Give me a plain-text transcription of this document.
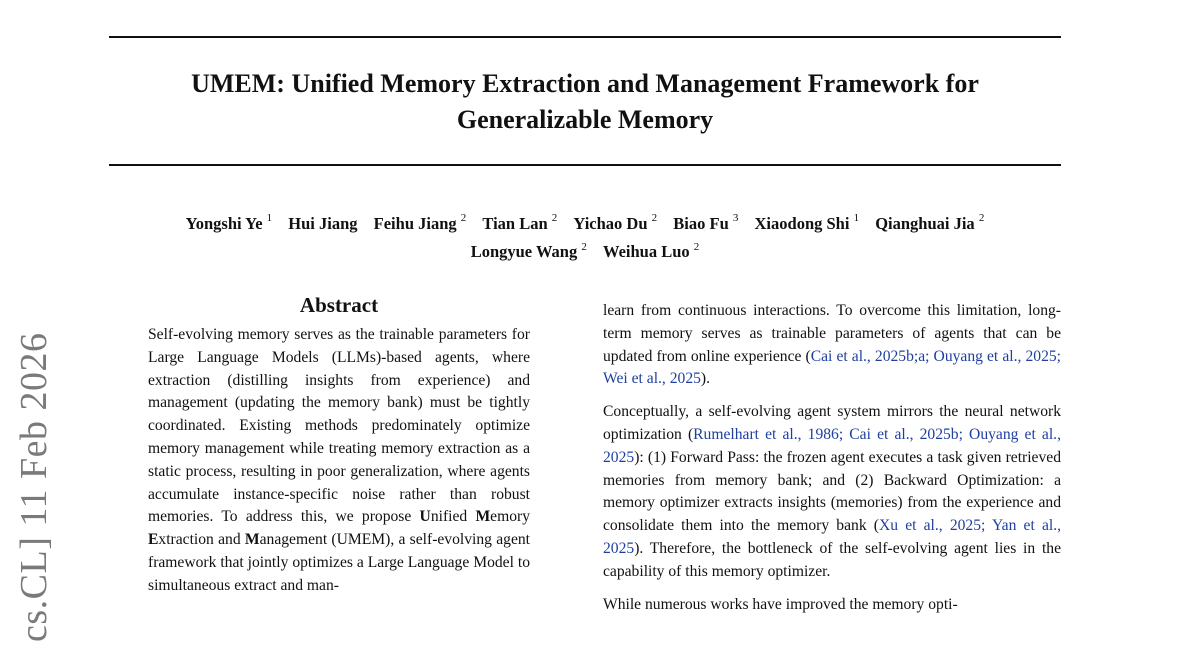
UMEM: Unified Memory Extraction and Management Framework for
Generalizable Memory
Yongshi Ye $^1$ Hui Jiang Feihu Jiang $^2$ Tian Lan $^2$ Yichao Du $^2$ Biao Fu $^3$ Xiaodong Shi $^1$ Qianghuai Jia $^2$
Longyue Wang $^2$ Weihua Luo $^2$
cs.CL] 11 Feb 2026
Abstract
Self-evolving memory serves as the trainable parameters for Large Language Models (LLMs)-based agents, where extraction (distilling insights from experience) and management (updating the memory bank) must be tightly coordinated. Existing methods predominately optimize memory management while treating memory extraction as a static process, resulting in poor generalization, where agents accumulate instance-specific noise rather than robust memories. To address this, we propose Unified Memory Extraction and Management (UMEM), a self-evolving agent framework that jointly optimizes a Large Language Model to simultaneous extract and man-

learn from continuous interactions. To overcome this limitation, long-term memory serves as trainable parameters of agents that can be updated from online experience (Cai et al., 2025b;a; Ouyang et al., 2025; Wei et al., 2025).

Conceptually, a self-evolving agent system mirrors the neural network optimization (Rumelhart et al., 1986; Cai et al., 2025b; Ouyang et al., 2025): (1) Forward Pass: the frozen agent executes a task given retrieved memories from memory bank; and (2) Backward Optimization: a memory optimizer extracts insights (memories) from the experience and consolidate them into the memory bank (Xu et al., 2025; Yan et al., 2025). Therefore, the bottleneck of the self-evolving agent lies in the capability of this memory optimizer.

While numerous works have improved the memory opti-
